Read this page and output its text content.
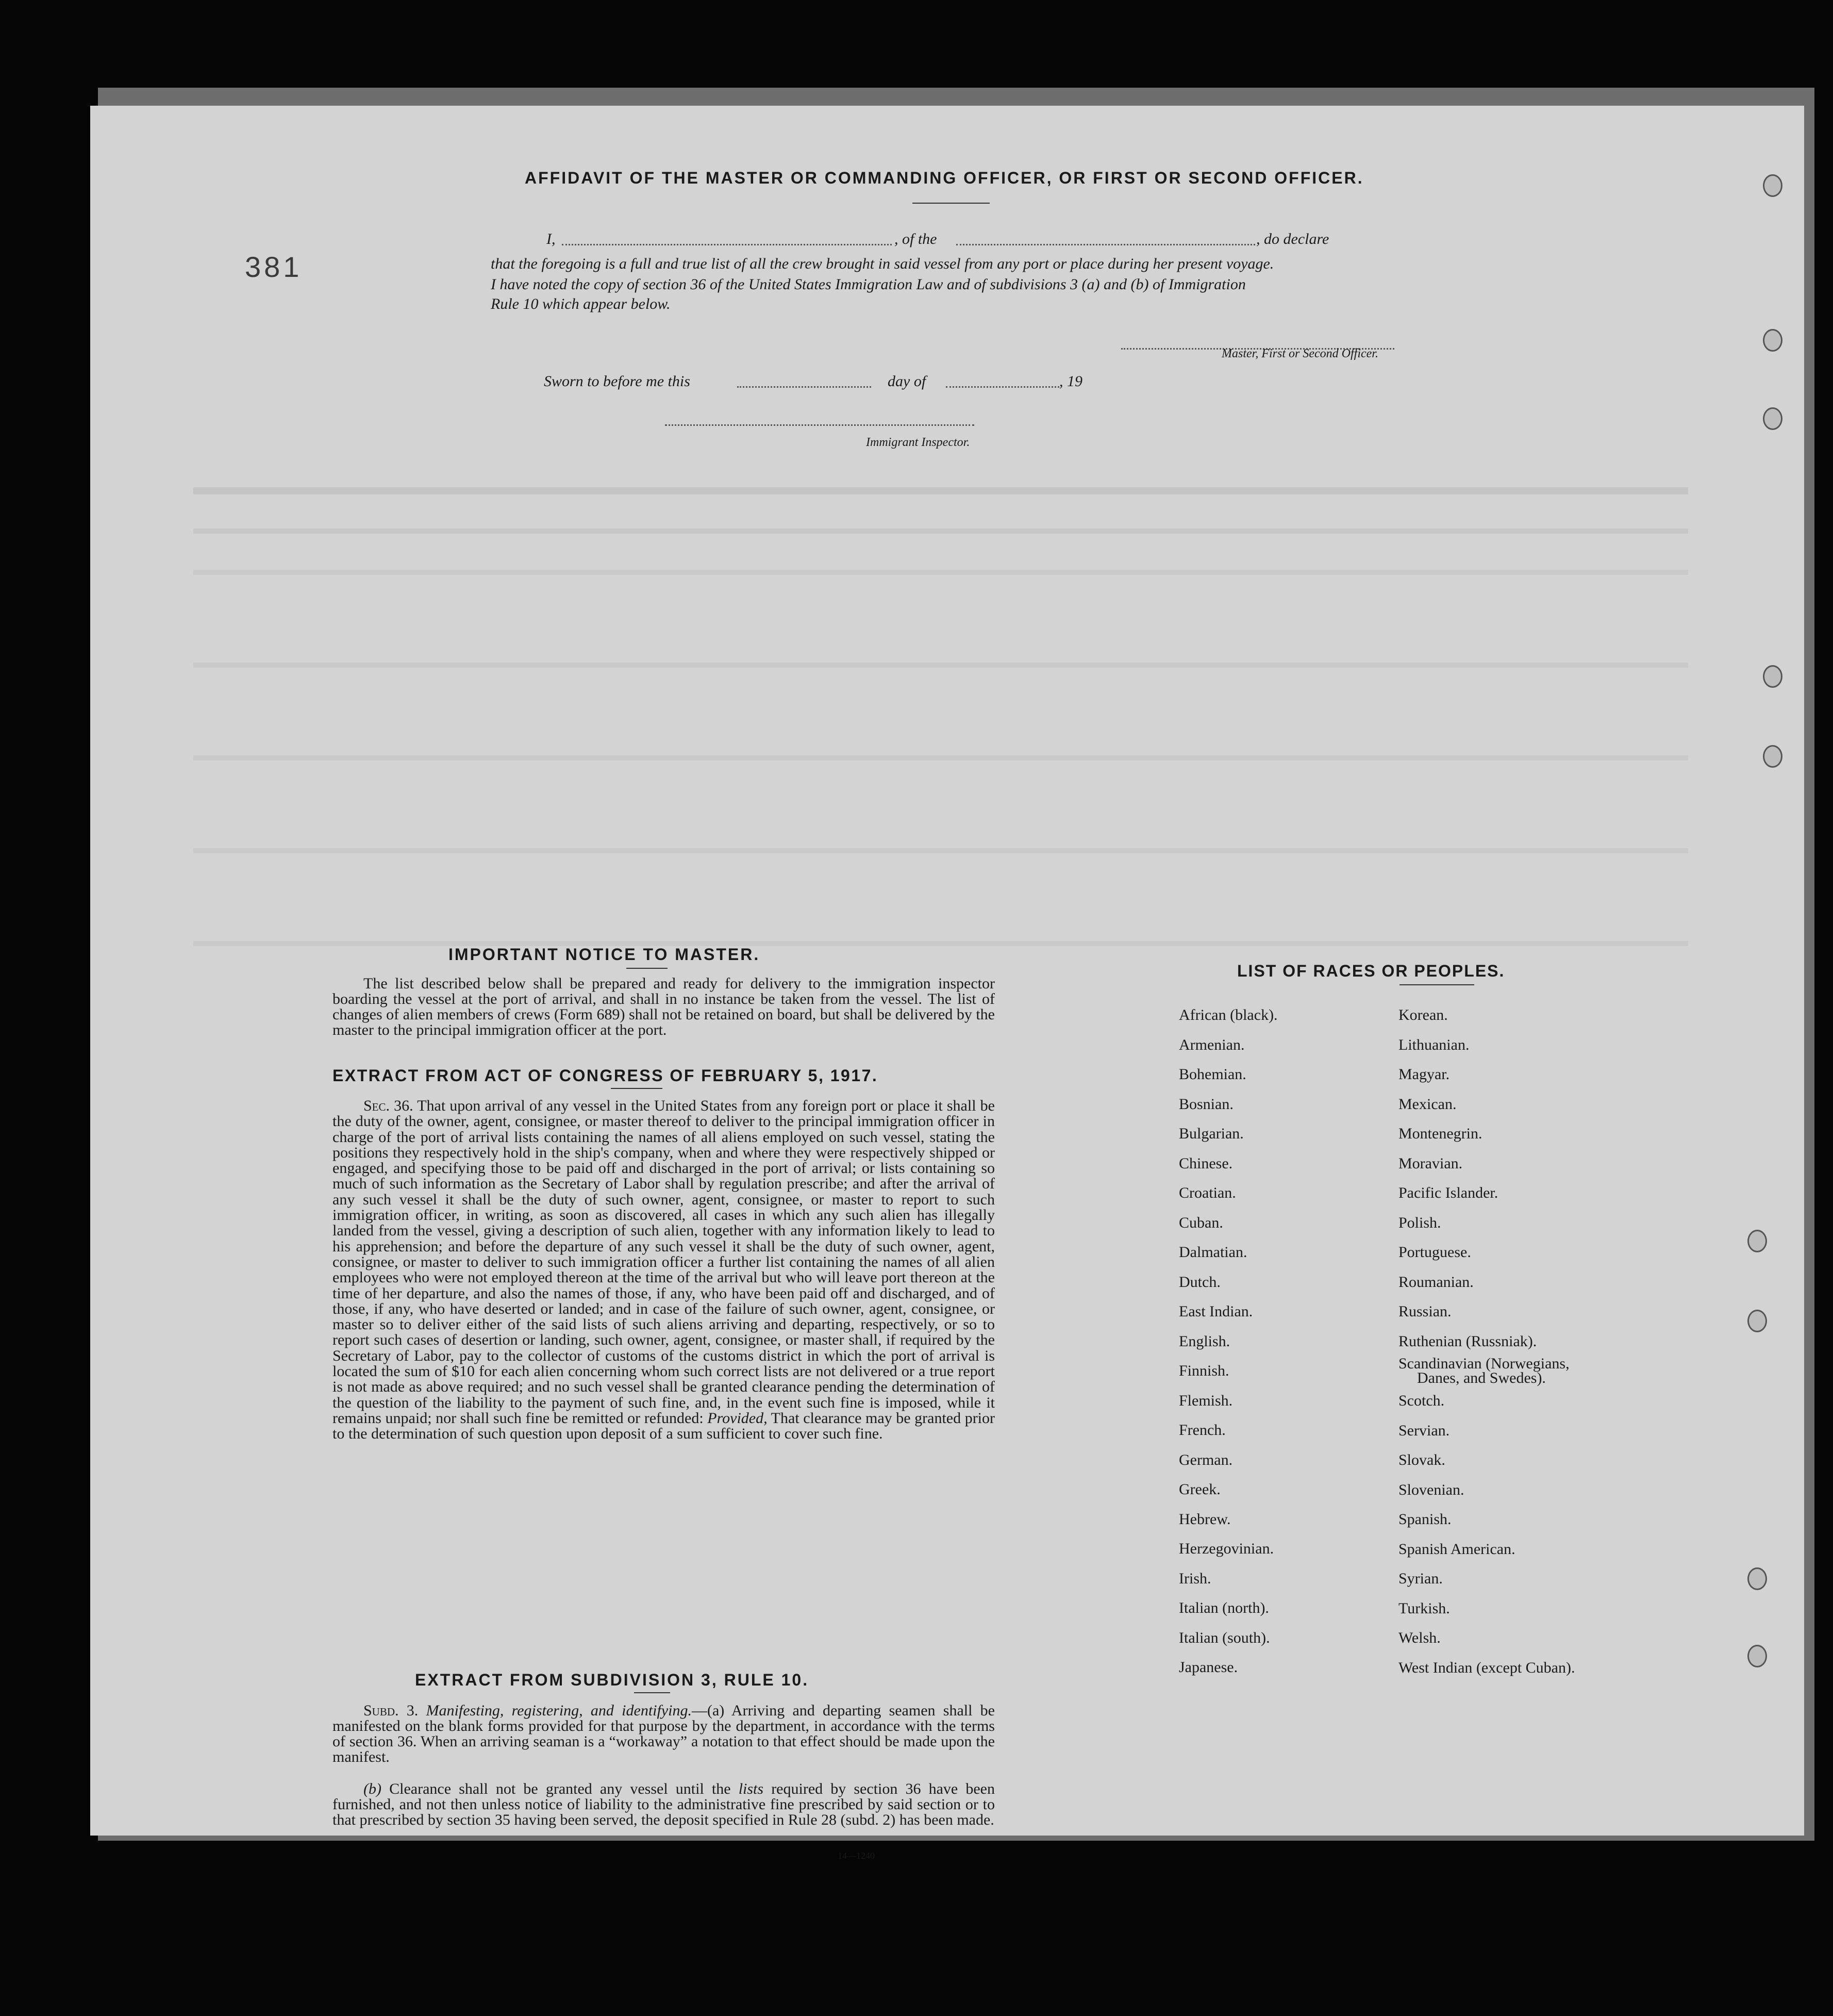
381
AFFIDAVIT OF THE MASTER OR COMMANDING OFFICER, OR FIRST OR SECOND OFFICER.
I,	, of the	, do declare
that the foregoing is a full and true list of all the crew brought in said vessel from any port or place during her present voyage.
I have noted the copy of section 36 of the United States Immigration Law and of subdivisions 3 (a) and (b) of Immigration
Rule 10 which appear below.
Master, First or Second Officer.
Sworn to before me this	day of	, 19
Immigrant Inspector.
IMPORTANT NOTICE TO MASTER.

The list described below shall be prepared and ready for delivery to the immigration inspector boarding the vessel at the port of arrival, and shall in no instance be taken from the vessel. The list of changes of alien members of crews (Form 689) shall not be retained on board, but shall be delivered by the master to the principal immigration officer at the port.

EXTRACT FROM ACT OF CONGRESS OF FEBRUARY 5, 1917.

Sec. 36. That upon arrival of any vessel in the United States from any foreign port or place it shall be the duty of the owner, agent, consignee, or master thereof to deliver to the principal immigration officer in charge of the port of arrival lists containing the names of all aliens employed on such vessel, stating the positions they respectively hold in the ship's company, when and where they were respectively shipped or engaged, and specifying those to be paid off and discharged in the port of arrival; or lists containing so much of such information as the Secretary of Labor shall by regulation prescribe; and after the arrival of any such vessel it shall be the duty of such owner, agent, consignee, or master to report to such immigration officer, in writing, as soon as discovered, all cases in which any such alien has illegally landed from the vessel, giving a description of such alien, together with any information likely to lead to his apprehension; and before the departure of any such vessel it shall be the duty of such owner, agent, consignee, or master to deliver to such immigration officer a further list containing the names of all alien employees who were not employed thereon at the time of the arrival but who will leave port thereon at the time of her departure, and also the names of those, if any, who have been paid off and discharged, and of those, if any, who have deserted or landed; and in case of the failure of such owner, agent, consignee, or master so to deliver either of the said lists of such aliens arriving and departing, respectively, or so to report such cases of desertion or landing, such owner, agent, consignee, or master shall, if required by the Secretary of Labor, pay to the collector of customs of the customs district in which the port of arrival is located the sum of $10 for each alien concerning whom such correct lists are not delivered or a true report is not made as above required; and no such vessel shall be granted clearance pending the determination of the question of the liability to the payment of such fine, and, in the event such fine is imposed, while it remains unpaid; nor shall such fine be remitted or refunded: Provided, That clearance may be granted prior to the determination of such question upon deposit of a sum sufficient to cover such fine.

EXTRACT FROM SUBDIVISION 3, RULE 10.

Subd. 3. Manifesting, registering, and identifying.—(a) Arriving and departing seamen shall be manifested on the blank forms provided for that purpose by the department, in accordance with the terms of section 36. When an arriving seaman is a “workaway” a notation to that effect should be made upon the manifest.

(b) Clearance shall not be granted any vessel until the lists required by section 36 have been furnished, and not then unless notice of liability to the administrative fine prescribed by said section or to that prescribed by section 35 having been served, the deposit specified in Rule 28 (subd. 2) has been made.

14—1240
LIST OF RACES OR PEOPLES.
African (black).
Armenian.
Bohemian.
Bosnian.
Bulgarian.
Chinese.
Croatian.
Cuban.
Dalmatian.
Dutch.
East Indian.
English.
Finnish.
Flemish.
French.
German.
Greek.
Hebrew.
Herzegovinian.
Irish.
Italian (north).
Italian (south).
Japanese.
Korean.
Lithuanian.
Magyar.
Mexican.
Montenegrin.
Moravian.
Pacific Islander.
Polish.
Portuguese.
Roumanian.
Russian.
Ruthenian (Russniak).
Scandinavian (Norwegians,
Danes, and Swedes).
Scotch.
Servian.
Slovak.
Slovenian.
Spanish.
Spanish American.
Syrian.
Turkish.
Welsh.
West Indian (except Cuban).
